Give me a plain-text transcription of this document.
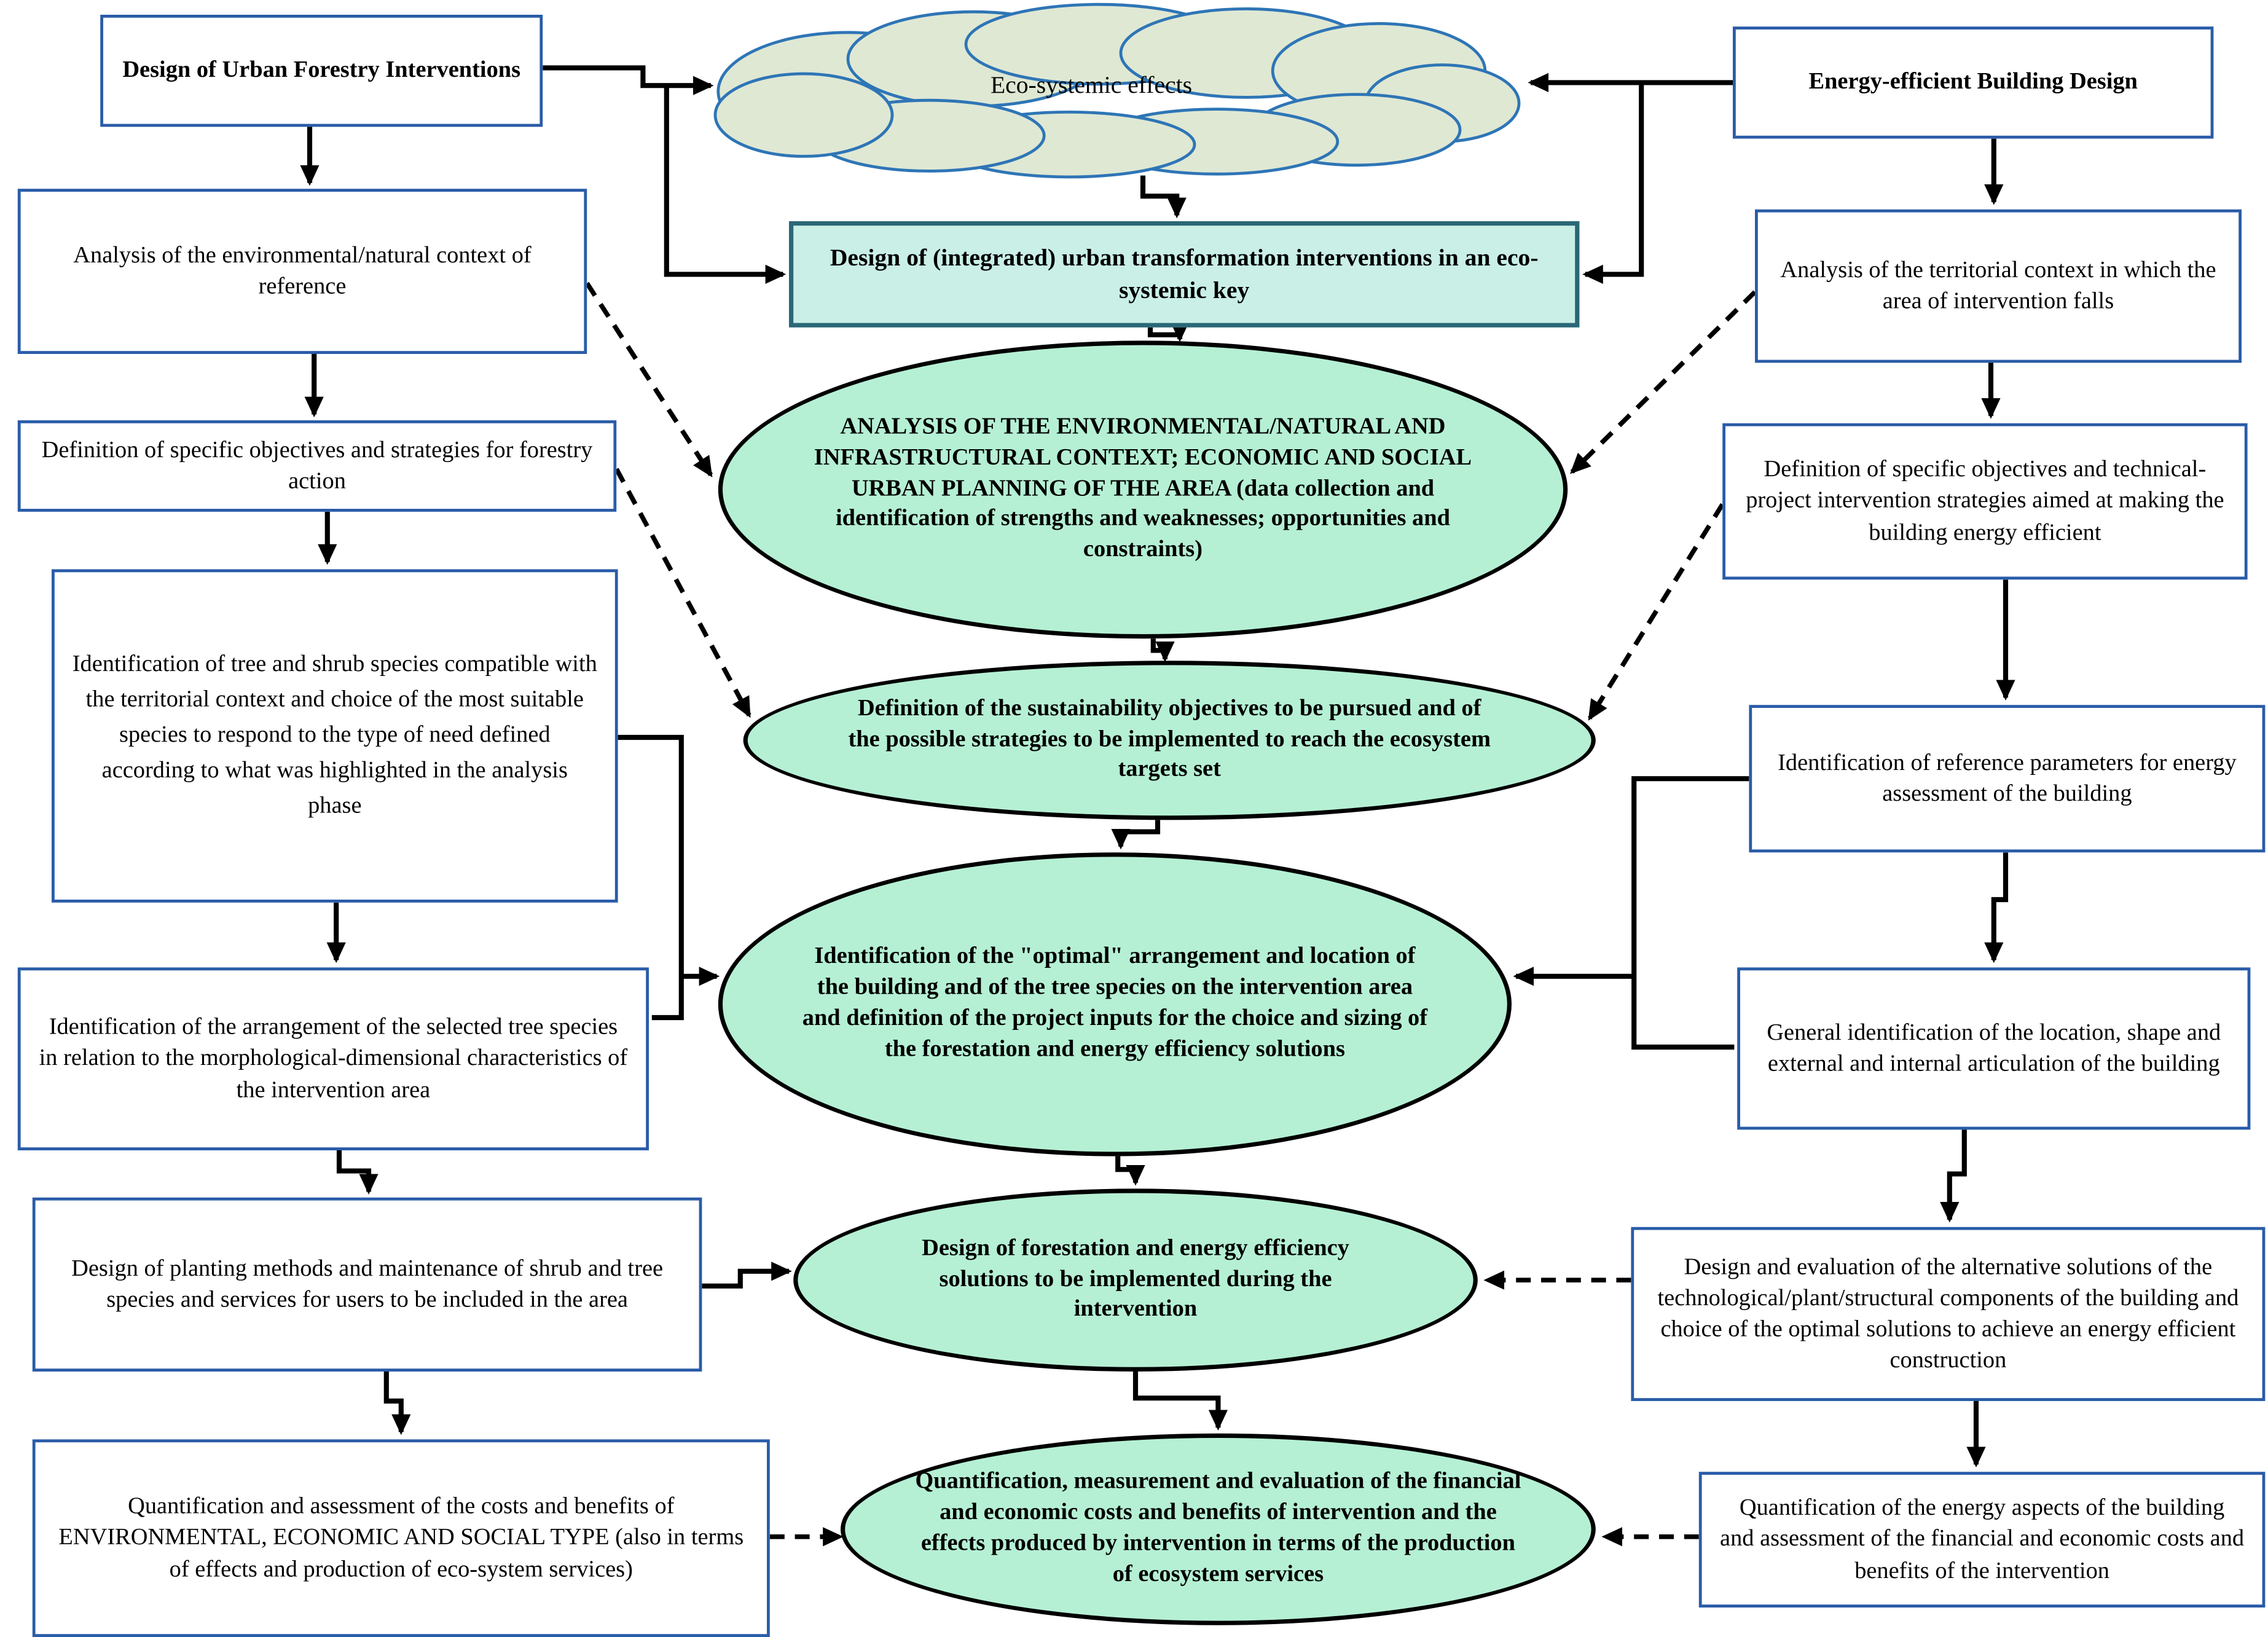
Eco-systemic effects
Design of Urban Forestry Interventions	Energy-efficient Building Design
Design of (integrated) urban transformation interventions in an eco-systemic key
ANALYSIS OF THE ENVIRONMENTAL/NATURAL AND INFRASTRUCTURAL CONTEXT; ECONOMIC AND SOCIAL URBAN PLANNING OF THE AREA (data collection and identification of strengths and weaknesses; opportunities and constraints)
Definition of the sustainability objectives to be pursued and of the possible strategies to be implemented to reach the ecosystem targets set
Identification of the "optimal" arrangement and location of the building and of the tree species on the intervention area and definition of the project inputs for the choice and sizing of the forestation and energy efficiency solutions
Design of forestation and energy efficiency solutions to be implemented during the intervention
Quantification, measurement and evaluation of the financial and economic costs and benefits of intervention and the effects produced by intervention in terms of the production of ecosystem services
Analysis of the environmental/natural context of reference
Definition of specific objectives and strategies for forestry action
Identification of tree and shrub species compatible with the territorial context and choice of the most suitable species to respond to the type of need defined according to what was highlighted in the analysis phase
Identification of the arrangement of the selected tree species in relation to the morphological-dimensional characteristics of the intervention area
Design of planting methods and maintenance of shrub and tree species and services for users to be included in the area
Quantification and assessment of the costs and benefits of ENVIRONMENTAL, ECONOMIC AND SOCIAL TYPE (also in terms of effects and production of eco-system services)
Analysis of the territorial context in which the area of intervention falls
Definition of specific objectives and technical-project intervention strategies aimed at making the building energy efficient
Identification of reference parameters for energy assessment of the building
General identification of the location, shape and external and internal articulation of the building
Design and evaluation of the alternative solutions of the technological/plant/structural components of the building and choice of the optimal solutions to achieve an energy efficient construction
Quantification of the energy aspects of the building and assessment of the financial and economic costs and benefits of the intervention
